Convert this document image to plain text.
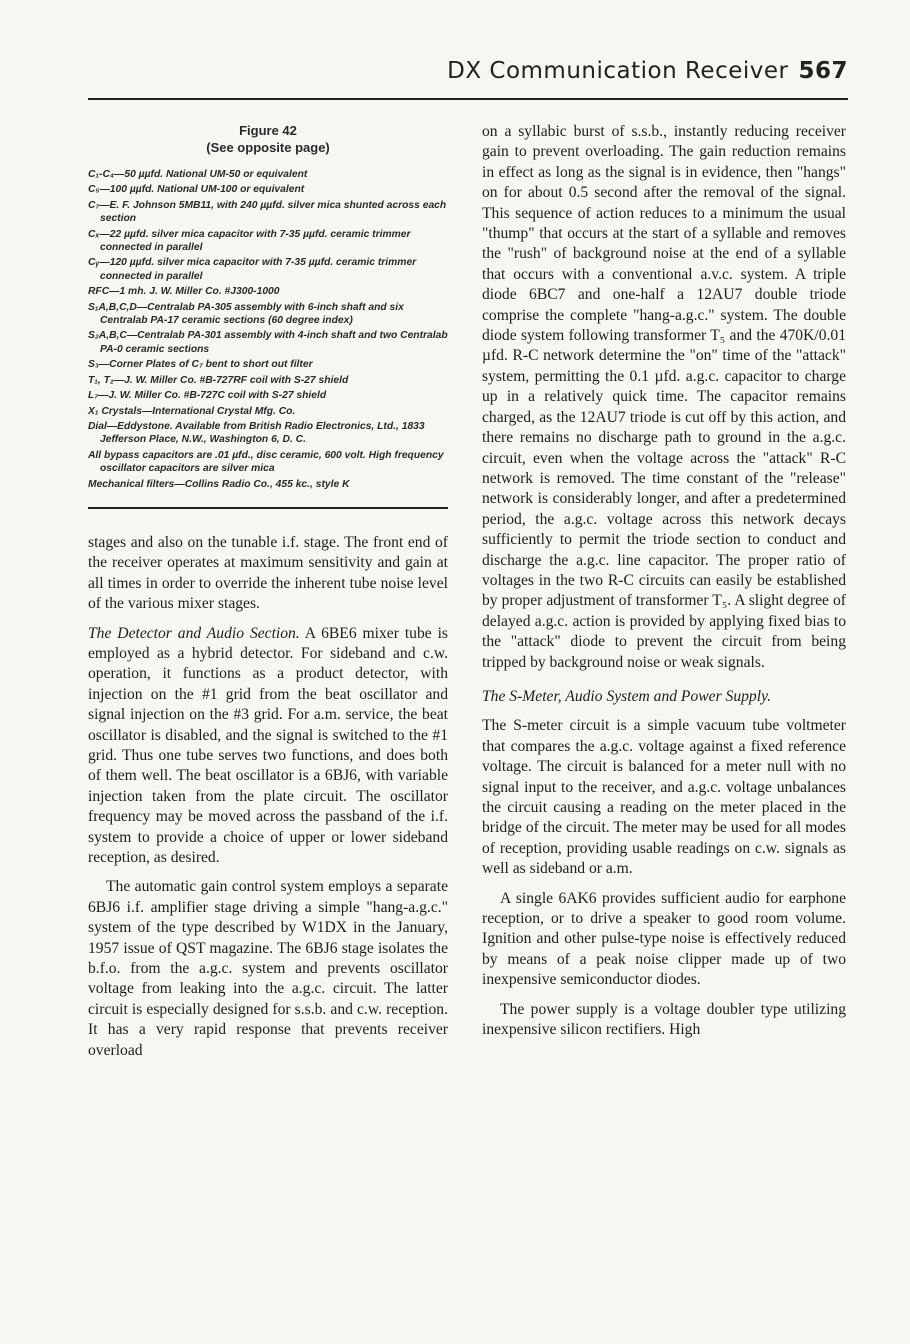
DX Communication Receiver 567
Figure 42
(See opposite page)
C₁-C₄—50 µµfd. National UM-50 or equivalent
C₅—100 µµfd. National UM-100 or equivalent
C₇—E. F. Johnson 5MB11, with 240 µµfd. silver mica shunted across each section
Cₓ—22 µµfd. silver mica capacitor with 7-35 µµfd. ceramic trimmer connected in parallel
Cᵧ—120 µµfd. silver mica capacitor with 7-35 µµfd. ceramic trimmer connected in parallel
RFC—1 mh. J. W. Miller Co. #J300-1000
S₁A,B,C,D—Centralab PA-305 assembly with 6-inch shaft and six Centralab PA-17 ceramic sections (60 degree index)
S₂A,B,C—Centralab PA-301 assembly with 4-inch shaft and two Centralab PA-0 ceramic sections
S₃—Corner Plates of C₇ bent to short out filter
T₁, T₂—J. W. Miller Co. #B-727RF coil with S-27 shield
L₇—J. W. Miller Co. #B-727C coil with S-27 shield
X₁ Crystals—International Crystal Mfg. Co.
Dial—Eddystone. Available from British Radio Electronics, Ltd., 1833 Jefferson Place, N.W., Washington 6, D. C.
All bypass capacitors are .01 µfd., disc ceramic, 600 volt. High frequency oscillator capacitors are silver mica
Mechanical filters—Collins Radio Co., 455 kc., style K

stages and also on the tunable i.f. stage. The front end of the receiver operates at maximum sensitivity and gain at all times in order to override the inherent tube noise level of the various mixer stages.

The Detector and Audio Section. A 6BE6 mixer tube is employed as a hybrid detector. For sideband and c.w. operation, it functions as a product detector, with injection on the #1 grid from the beat oscillator and signal injection on the #3 grid. For a.m. service, the beat oscillator is disabled, and the signal is switched to the #1 grid. Thus one tube serves two functions, and does both of them well. The beat oscillator is a 6BJ6, with variable injection taken from the plate circuit. The oscillator frequency may be moved across the passband of the i.f. system to provide a choice of upper or lower sideband reception, as desired.

The automatic gain control system employs a separate 6BJ6 i.f. amplifier stage driving a simple "hang-a.g.c." system of the type described by W1DX in the January, 1957 issue of QST magazine. The 6BJ6 stage isolates the b.f.o. from the a.g.c. system and prevents oscillator voltage from leaking into the a.g.c. circuit. The latter circuit is especially designed for s.s.b. and c.w. reception. It has a very rapid response that prevents receiver overload

on a syllabic burst of s.s.b., instantly reducing receiver gain to prevent overloading. The gain reduction remains in effect as long as the signal is in evidence, then "hangs" on for about 0.5 second after the removal of the signal. This sequence of action reduces to a minimum the usual "thump" that occurs at the start of a syllable and removes the "rush" of background noise at the end of a syllable that occurs with a conventional a.v.c. system. A triple diode 6BC7 and one-half a 12AU7 double triode comprise the complete "hang-a.g.c." system. The double diode system following transformer T₅ and the 470K/0.01 µfd. R-C network determine the "on" time of the "attack" system, permitting the 0.1 µfd. a.g.c. capacitor to charge up in a relatively quick time. The capacitor remains charged, as the 12AU7 triode is cut off by this action, and there remains no discharge path to ground in the a.g.c. circuit, even when the voltage across the "attack" R-C network is removed. The time constant of the "release" network is considerably longer, and after a predetermined period, the a.g.c. voltage across this network decays sufficiently to permit the triode section to conduct and discharge the a.g.c. line capacitor. The proper ratio of voltages in the two R-C circuits can easily be established by proper adjustment of transformer T₅. A slight degree of delayed a.g.c. action is provided by applying fixed bias to the "attack" diode to prevent the circuit from being tripped by background noise or weak signals.

The S-Meter, Audio System and Power Supply.

The S-meter circuit is a simple vacuum tube voltmeter that compares the a.g.c. voltage against a fixed reference voltage. The circuit is balanced for a meter null with no signal input to the receiver, and a.g.c. voltage unbalances the circuit causing a reading on the meter placed in the bridge of the circuit. The meter may be used for all modes of reception, providing usable readings on c.w. signals as well as sideband or a.m.

A single 6AK6 provides sufficient audio for earphone reception, or to drive a speaker to good room volume. Ignition and other pulse-type noise is effectively reduced by means of a peak noise clipper made up of two inexpensive semiconductor diodes.

The power supply is a voltage doubler type utilizing inexpensive silicon rectifiers. High
